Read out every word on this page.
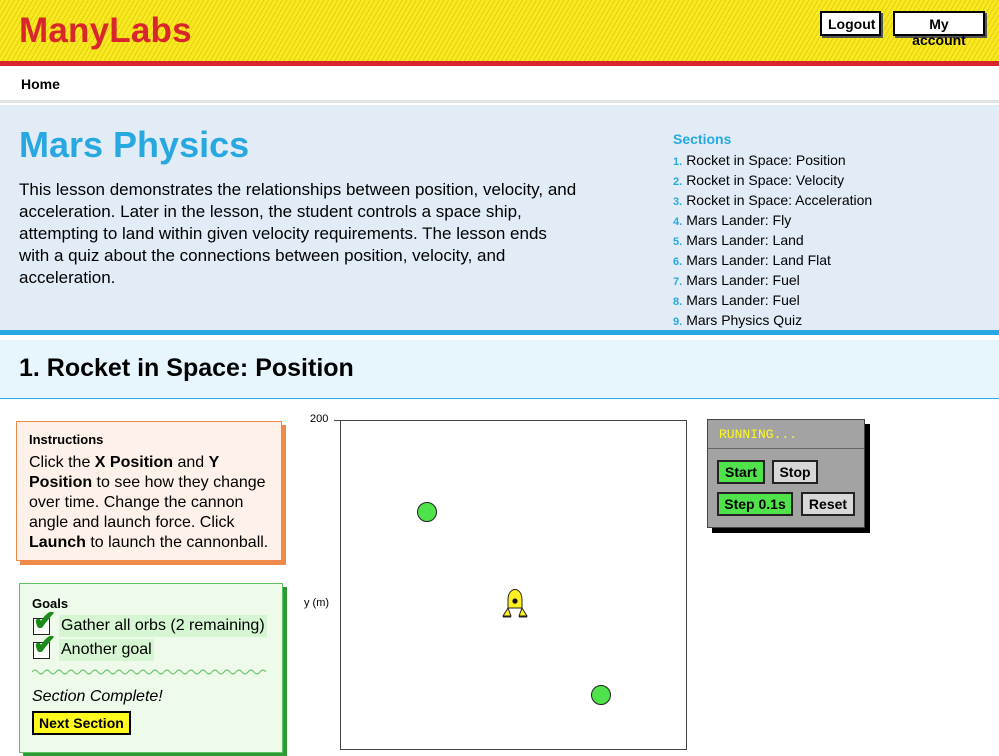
ManyLabs	Logout	My account
Home
Mars Physics

This lesson demonstrates the relationships between position, velocity, and acceleration. Later in the lesson, the student controls a space ship, attempting to land within given velocity requirements. The lesson ends with a quiz about the connections between position, velocity, and acceleration.

Sections
1. Rocket in Space: Position
2. Rocket in Space: Velocity
3. Rocket in Space: Acceleration
4. Mars Lander: Fly
5. Mars Lander: Land
6. Mars Lander: Land Flat
7. Mars Lander: Fuel
8. Mars Lander: Fuel
9. Mars Physics Quiz
1. Rocket in Space: Position
Instructions
Click the X Position and Y Position to see how they change over time. Change the cannon angle and launch force. Click Launch to launch the cannonball.
Goals
✔ Gather all orbs (2 remaining)
✔ Another goal
Section Complete!
Next Section
200
y (m)
RUNNING...
Start	Stop
Step 0.1s	Reset
